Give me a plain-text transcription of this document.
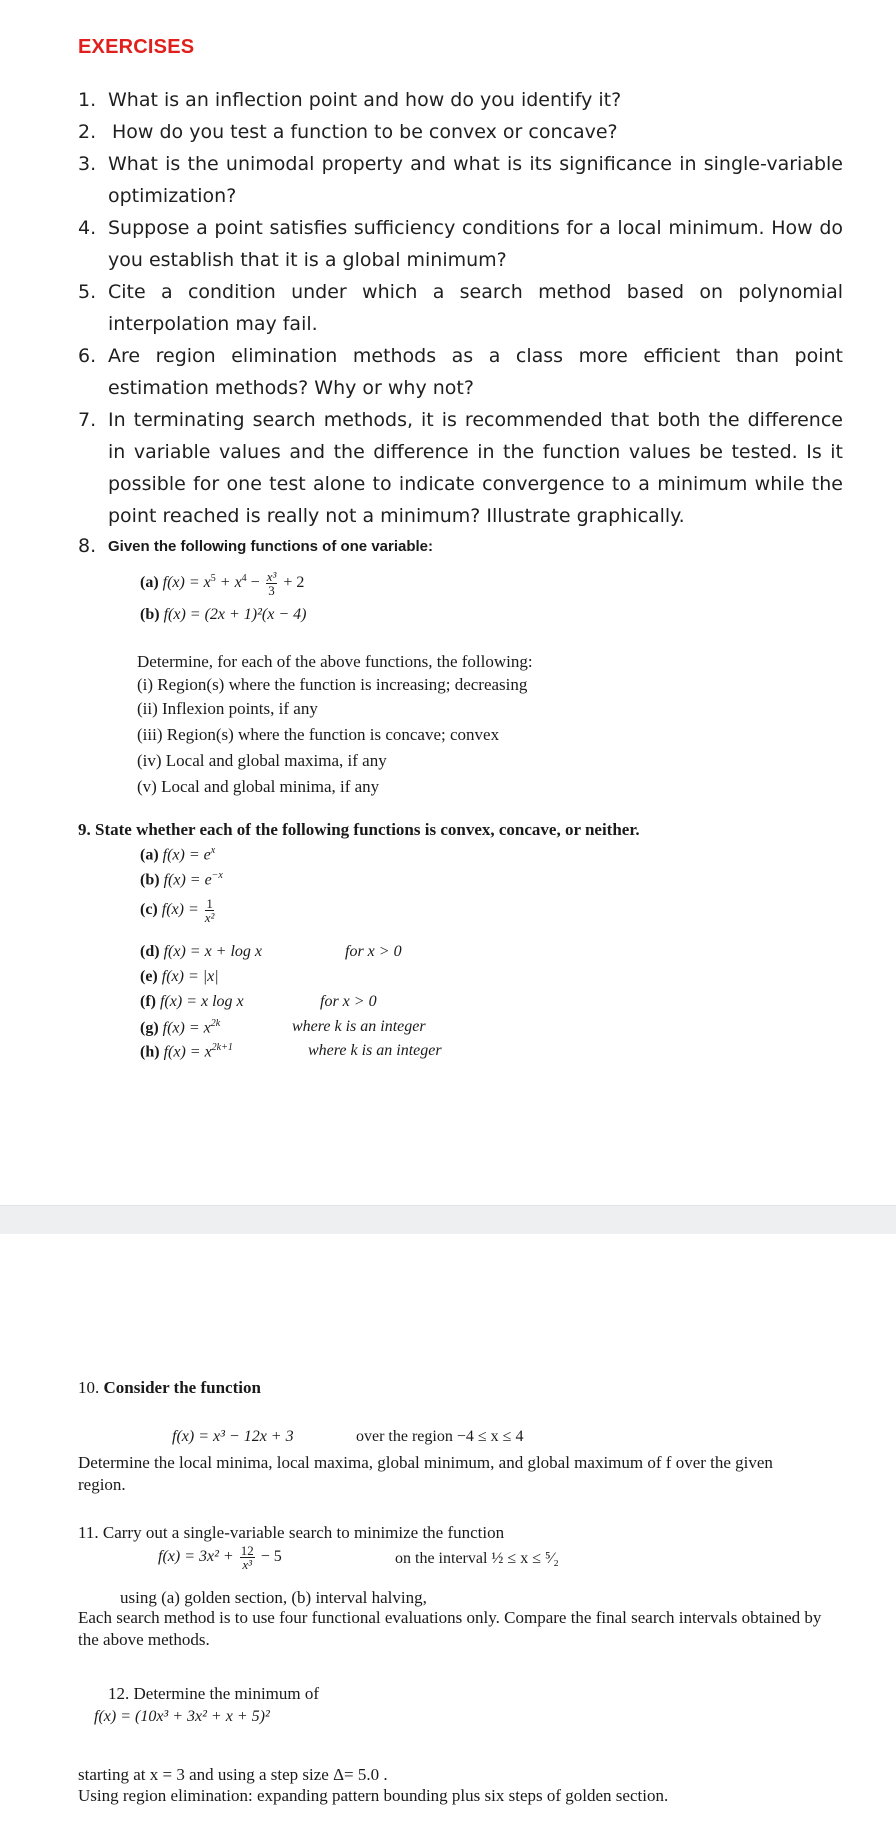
EXERCISES
1. What is an inflection point and how do you identify it?
2. How do you test a function to be convex or concave?
3. What is the unimodal property and what is its significance in single-variable optimization?
4. Suppose a point satisfies sufficiency conditions for a local minimum. How do you establish that it is a global minimum?
5. Cite a condition under which a search method based on polynomial interpolation may fail.
6. Are region elimination methods as a class more efficient than point estimation methods? Why or why not?
7. In terminating search methods, it is recommended that both the difference in variable values and the difference in the function values be tested. Is it possible for one test alone to indicate convergence to a minimum while the point reached is really not a minimum? Illustrate graphically.
8. Given the following functions of one variable:
(a) $f(x) = x^5 + x^4 - \frac{\text{x³}}{3} + 2$
(b) f(x) = (2x + 1)²(x − 4)
Determine, for each of the above functions, the following:
(i) Region(s) where the function is increasing; decreasing
(ii) Inflexion points, if any
(iii) Region(s) where the function is concave; convex
(iv) Local and global maxima, if any
(v) Local and global minima, if any
9. State whether each of the following functions is convex, concave, or neither.
(a) $f(x) = e^x$
(b) $f(x) = e^{-x}$
(c) $f(x) = \frac{1}{\text{x²}}$
(d) f(x) = x + log x	for x > 0
(e) f(x) = |x|
(f) f(x) = x log x	for x > 0
(g) $f(x) = x^{2k}$	where k is an integer
(h) $f(x) = x^{2k+1}$	where k is an integer
10. Consider the function
f(x) = x³ − 12x + 3	over the region −4 ≤ x ≤ 4
Determine the local minima, local maxima, global minimum, and global maximum of f over the given region.
11. Carry out a single-variable search to minimize the function
$f(x) = 3x^2 + \frac{12}{\text{x³}} - 5$	on the interval ½ ≤ x ≤ ⁵⁄₂
using (a) golden section, (b) interval halving,
Each search method is to use four functional evaluations only. Compare the final search intervals obtained by the above methods.
12. Determine the minimum of
f(x) = (10x³ + 3x² + x + 5)²
starting at x = 3 and using a step size Δ= 5.0 .
Using region elimination: expanding pattern bounding plus six steps of golden section.
